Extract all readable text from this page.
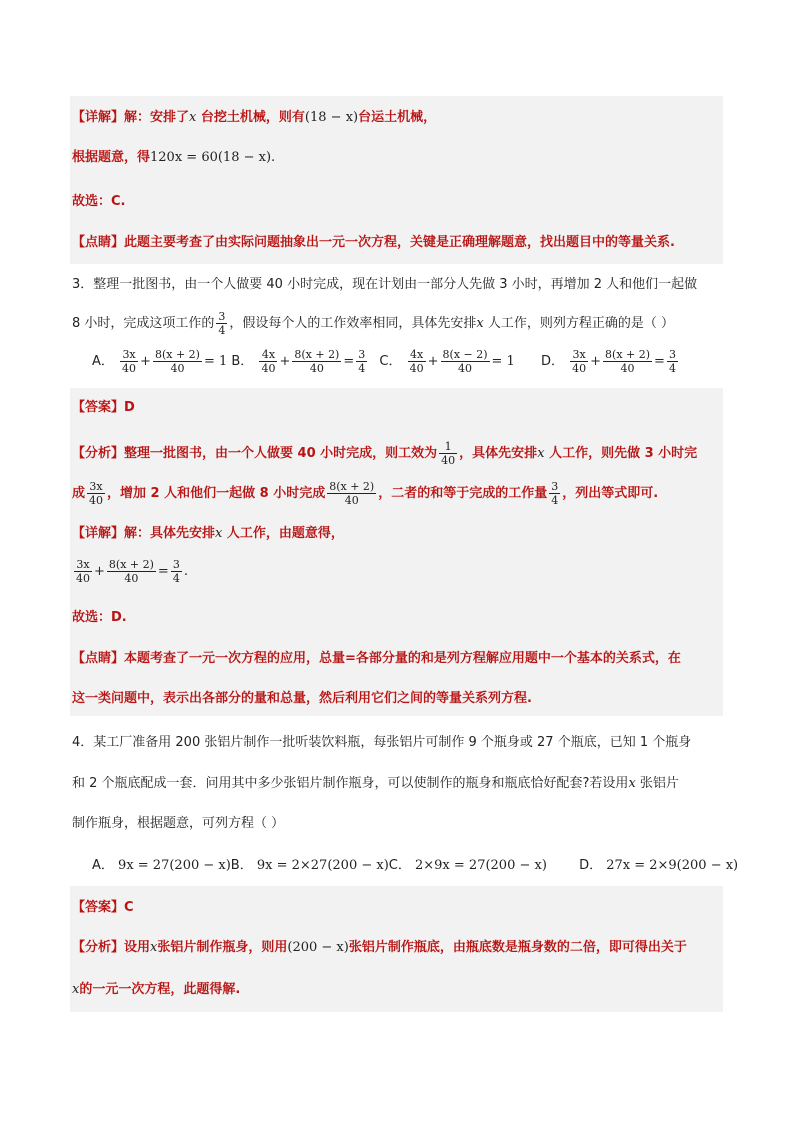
【详解】解：安排了x 台挖土机械，则有(18 − x)台运土机械，
根据题意，得120x = 60(18 − x).
故选：C.
【点睛】此题主要考查了由实际问题抽象出一元一次方程，关键是正确理解题意，找出题目中的等量关系.
3．整理一批图书，由一个人做要 40 小时完成，现在计划由一部分人先做 3 小时，再增加 2 人和他们一起做
8 小时，完成这项工作的 $\frac{3}{4}$ ，假设每个人的工作效率相同，具体先安排x 人工作，则列方程正确的是（ ）
A． $\frac{3x}{40} + \frac{8(x + 2)}{40} = 1$ B． $\frac{4x}{40} + \frac{8(x + 2)}{40} = \frac{3}{4}$ C． $\frac{4x}{40} + \frac{8(x - 2)}{40} = 1$ D． $\frac{3x}{40} + \frac{8(x + 2)}{40} = \frac{3}{4}$
【答案】D
【分析】整理一批图书，由一个人做要 40 小时完成，则工效为 $\frac{1}{40}$ ，具体先安排x 人工作，则先做 3 小时完
成 $\frac{3x}{40}$ ，增加 2 人和他们一起做 8 小时完成 $\frac{8(x + 2)}{40}$ ，二者的和等于完成的工作量 $\frac{3}{4}$ ，列出等式即可.
【详解】解：具体先安排x 人工作，由题意得，
$\frac{3x}{40} + \frac{8(x + 2)}{40} = \frac{3}{4}$ .
故选：D.
【点睛】本题考查了一元一次方程的应用，总量=各部分量的和是列方程解应用题中一个基本的关系式，在
这一类问题中，表示出各部分的量和总量，然后利用它们之间的等量关系列方程.
4．某工厂准备用 200 张铝片制作一批听装饮料瓶，每张铝片可制作 9 个瓶身或 27 个瓶底，已知 1 个瓶身
和 2 个瓶底配成一套．问用其中多少张铝片制作瓶身，可以使制作的瓶身和瓶底恰好配套?若设用x 张铝片
制作瓶身，根据题意，可列方程（ ）
A． 9x = 27(200 − x)B． 9x = 2×27(200 − x)C． 2×9x = 27(200 − x) D． 27x = 2×9(200 − x)
【答案】C
【分析】设用x张铝片制作瓶身，则用(200 − x)张铝片制作瓶底，由瓶底数是瓶身数的二倍，即可得出关于
x的一元一次方程，此题得解.
